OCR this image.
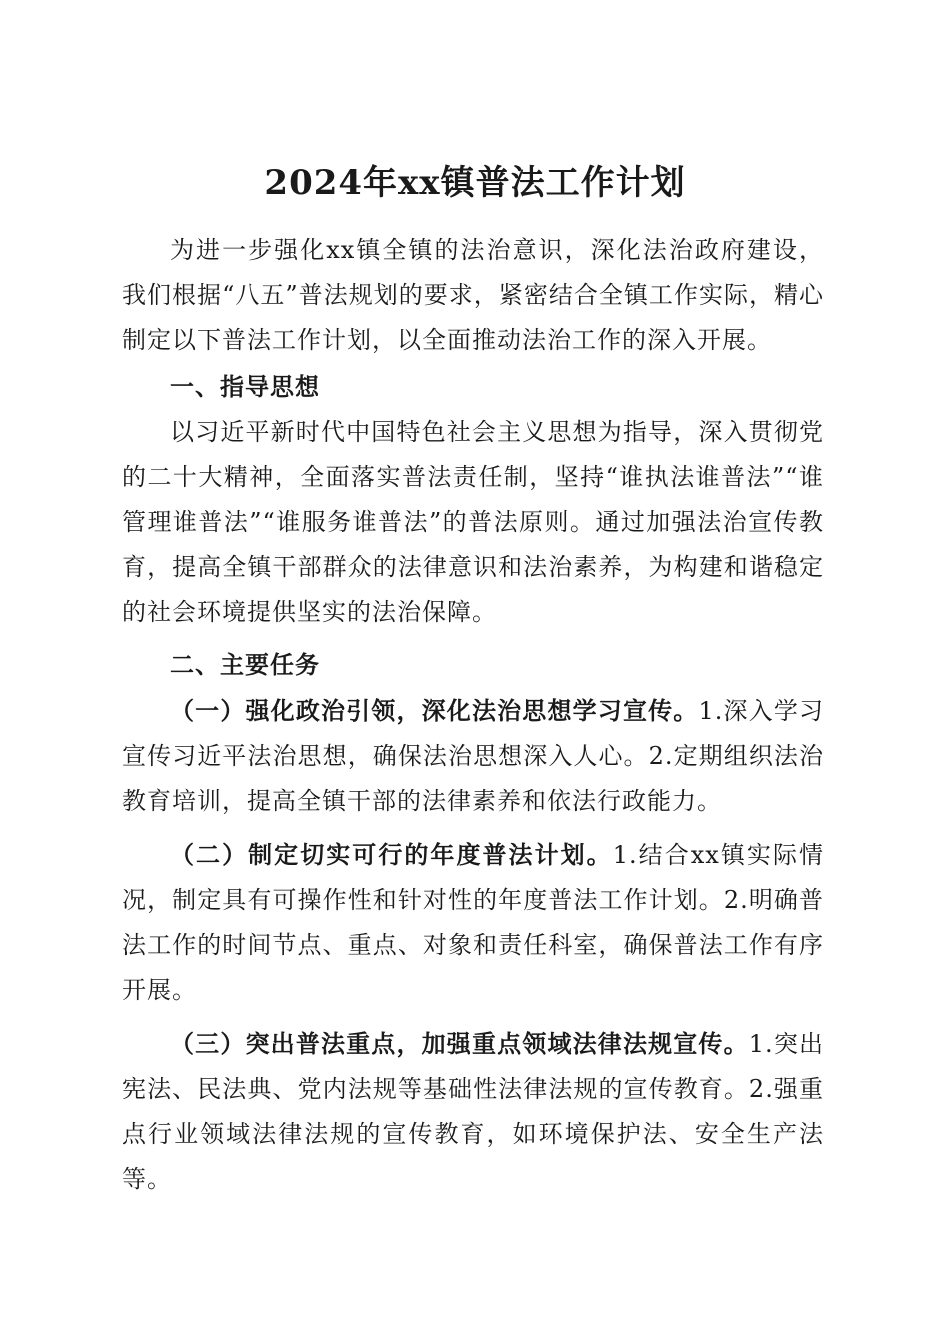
2024年xx镇普法工作计划

为进一步强化xx镇全镇的法治意识，深化法治政府建设，我们根据“八五”普法规划的要求，紧密结合全镇工作实际，精心制定以下普法工作计划，以全面推动法治工作的深入开展。

一、指导思想

以习近平新时代中国特色社会主义思想为指导，深入贯彻党的二十大精神，全面落实普法责任制，坚持“谁执法谁普法”“谁管理谁普法”“谁服务谁普法”的普法原则。通过加强法治宣传教育，提高全镇干部群众的法律意识和法治素养，为构建和谐稳定的社会环境提供坚实的法治保障。

二、主要任务

（一）强化政治引领，深化法治思想学习宣传。1.深入学习宣传习近平法治思想，确保法治思想深入人心。2.定期组织法治教育培训，提高全镇干部的法律素养和依法行政能力。

（二）制定切实可行的年度普法计划。1.结合xx镇实际情况，制定具有可操作性和针对性的年度普法工作计划。2.明确普法工作的时间节点、重点、对象和责任科室，确保普法工作有序开展。

（三）突出普法重点，加强重点领域法律法规宣传。1.突出宪法、民法典、党内法规等基础性法律法规的宣传教育。2.强重点行业领域法律法规的宣传教育，如环境保护法、安全生产法等。
